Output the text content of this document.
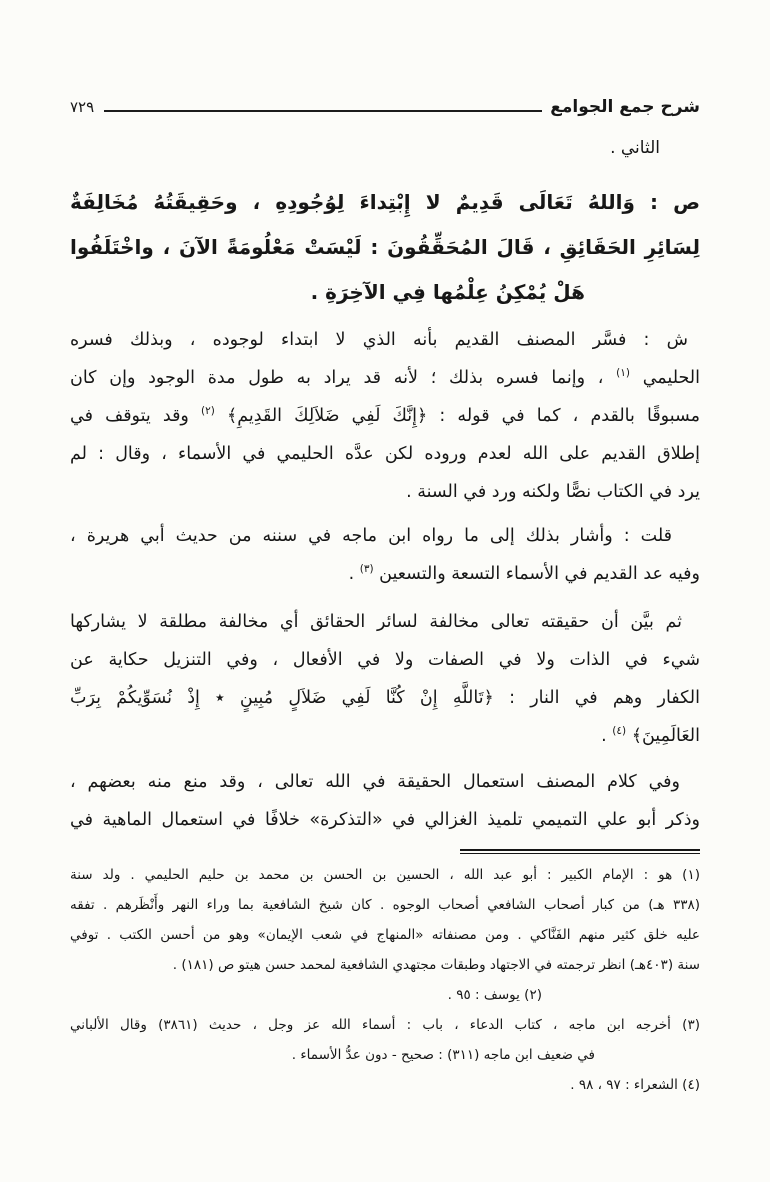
شرح جمع الجوامع
٧٢٩
الثاني .
ص : وَاللهُ تَعَالَى قَدِيمٌ لا إِبْتِداءَ لِوُجُودِهِ ، وحَقِيقَتُهُ مُخَالِفَةٌ
لِسَائِرِ الحَقَائِقِ ، قَالَ المُحَقِّقُونَ : لَيْسَتْ مَعْلُومَةً الآنَ ، واخْتَلَفُوا
هَلْ يُمْكِنُ عِلْمُها فِي الآخِرَةِ .
ش : فسَّر المصنف القديم بأنه الذي لا ابتداء لوجوده ، وبذلك فسره
الحليمي $^{(١)}$ ، وإنما فسره بذلك ؛ لأنه قد يراد به طول مدة الوجود وإن كان
مسبوقًا بالقدم ، كما في قوله : ﴿إِنَّكَ لَفِي ضَلاَلِكَ القَدِيمِ﴾ $^{(٢)}$ وقد يتوقف في
إطلاق القديم على الله لعدم وروده لكن عدَّه الحليمي في الأسماء ، وقال : لم
يرد في الكتاب نصًّا ولكنه ورد في السنة .
قلت : وأشار بذلك إلى ما رواه ابن ماجه في سننه من حديث أبي هريرة ،
وفيه عد القديم في الأسماء التسعة والتسعين $^{(٣)}$ .
ثم بيَّن أن حقيقته تعالى مخالفة لسائر الحقائق أي مخالفة مطلقة لا يشاركها
شيء في الذات ولا في الصفات ولا في الأفعال ، وفي التنزيل حكاية عن
الكفار وهم في النار : ﴿تَاللَّهِ إِنْ كُنَّا لَفِي ضَلاَلٍ مُبِينٍ ٭ إِذْ نُسَوِّيكُمْ بِرَبِّ
العَالَمِينَ﴾ $^{(٤)}$ .
وفي كلام المصنف استعمال الحقيقة في الله تعالى ، وقد منع منه بعضهم ،
وذكر أبو علي التميمي تلميذ الغزالي في «التذكرة» خلافًا في استعمال الماهية في
(١) هو : الإمام الكبير : أبو عبد الله ، الحسين بن الحسن بن محمد بن حليم الحليمي . ولد سنة
(٣٣٨ هـ) من كبار أصحاب الشافعي أصحاب الوجوه . كان شيخ الشافعية بما وراء النهر وأَنْظَرهم . تفقه
عليه خلق كثير منهم الفَنَّاكي . ومن مصنفاته «المنهاج في شعب الإيمان» وهو من أحسن الكتب . توفي
سنة (٤٠٣هـ) انظر ترجمته في الاجتهاد وطبقات مجتهدي الشافعية لمحمد حسن هيتو ص (١٨١) .
(٢) يوسف : ٩٥ .
(٣) أخرجه ابن ماجه ، كتاب الدعاء ، باب : أسماء الله عز وجل ، حديث (٣٨٦١) وقال الألباني
في ضعيف ابن ماجه (٣١١) : صحيح - دون عدُّ الأسماء .
(٤) الشعراء : ٩٧ ، ٩٨ .
